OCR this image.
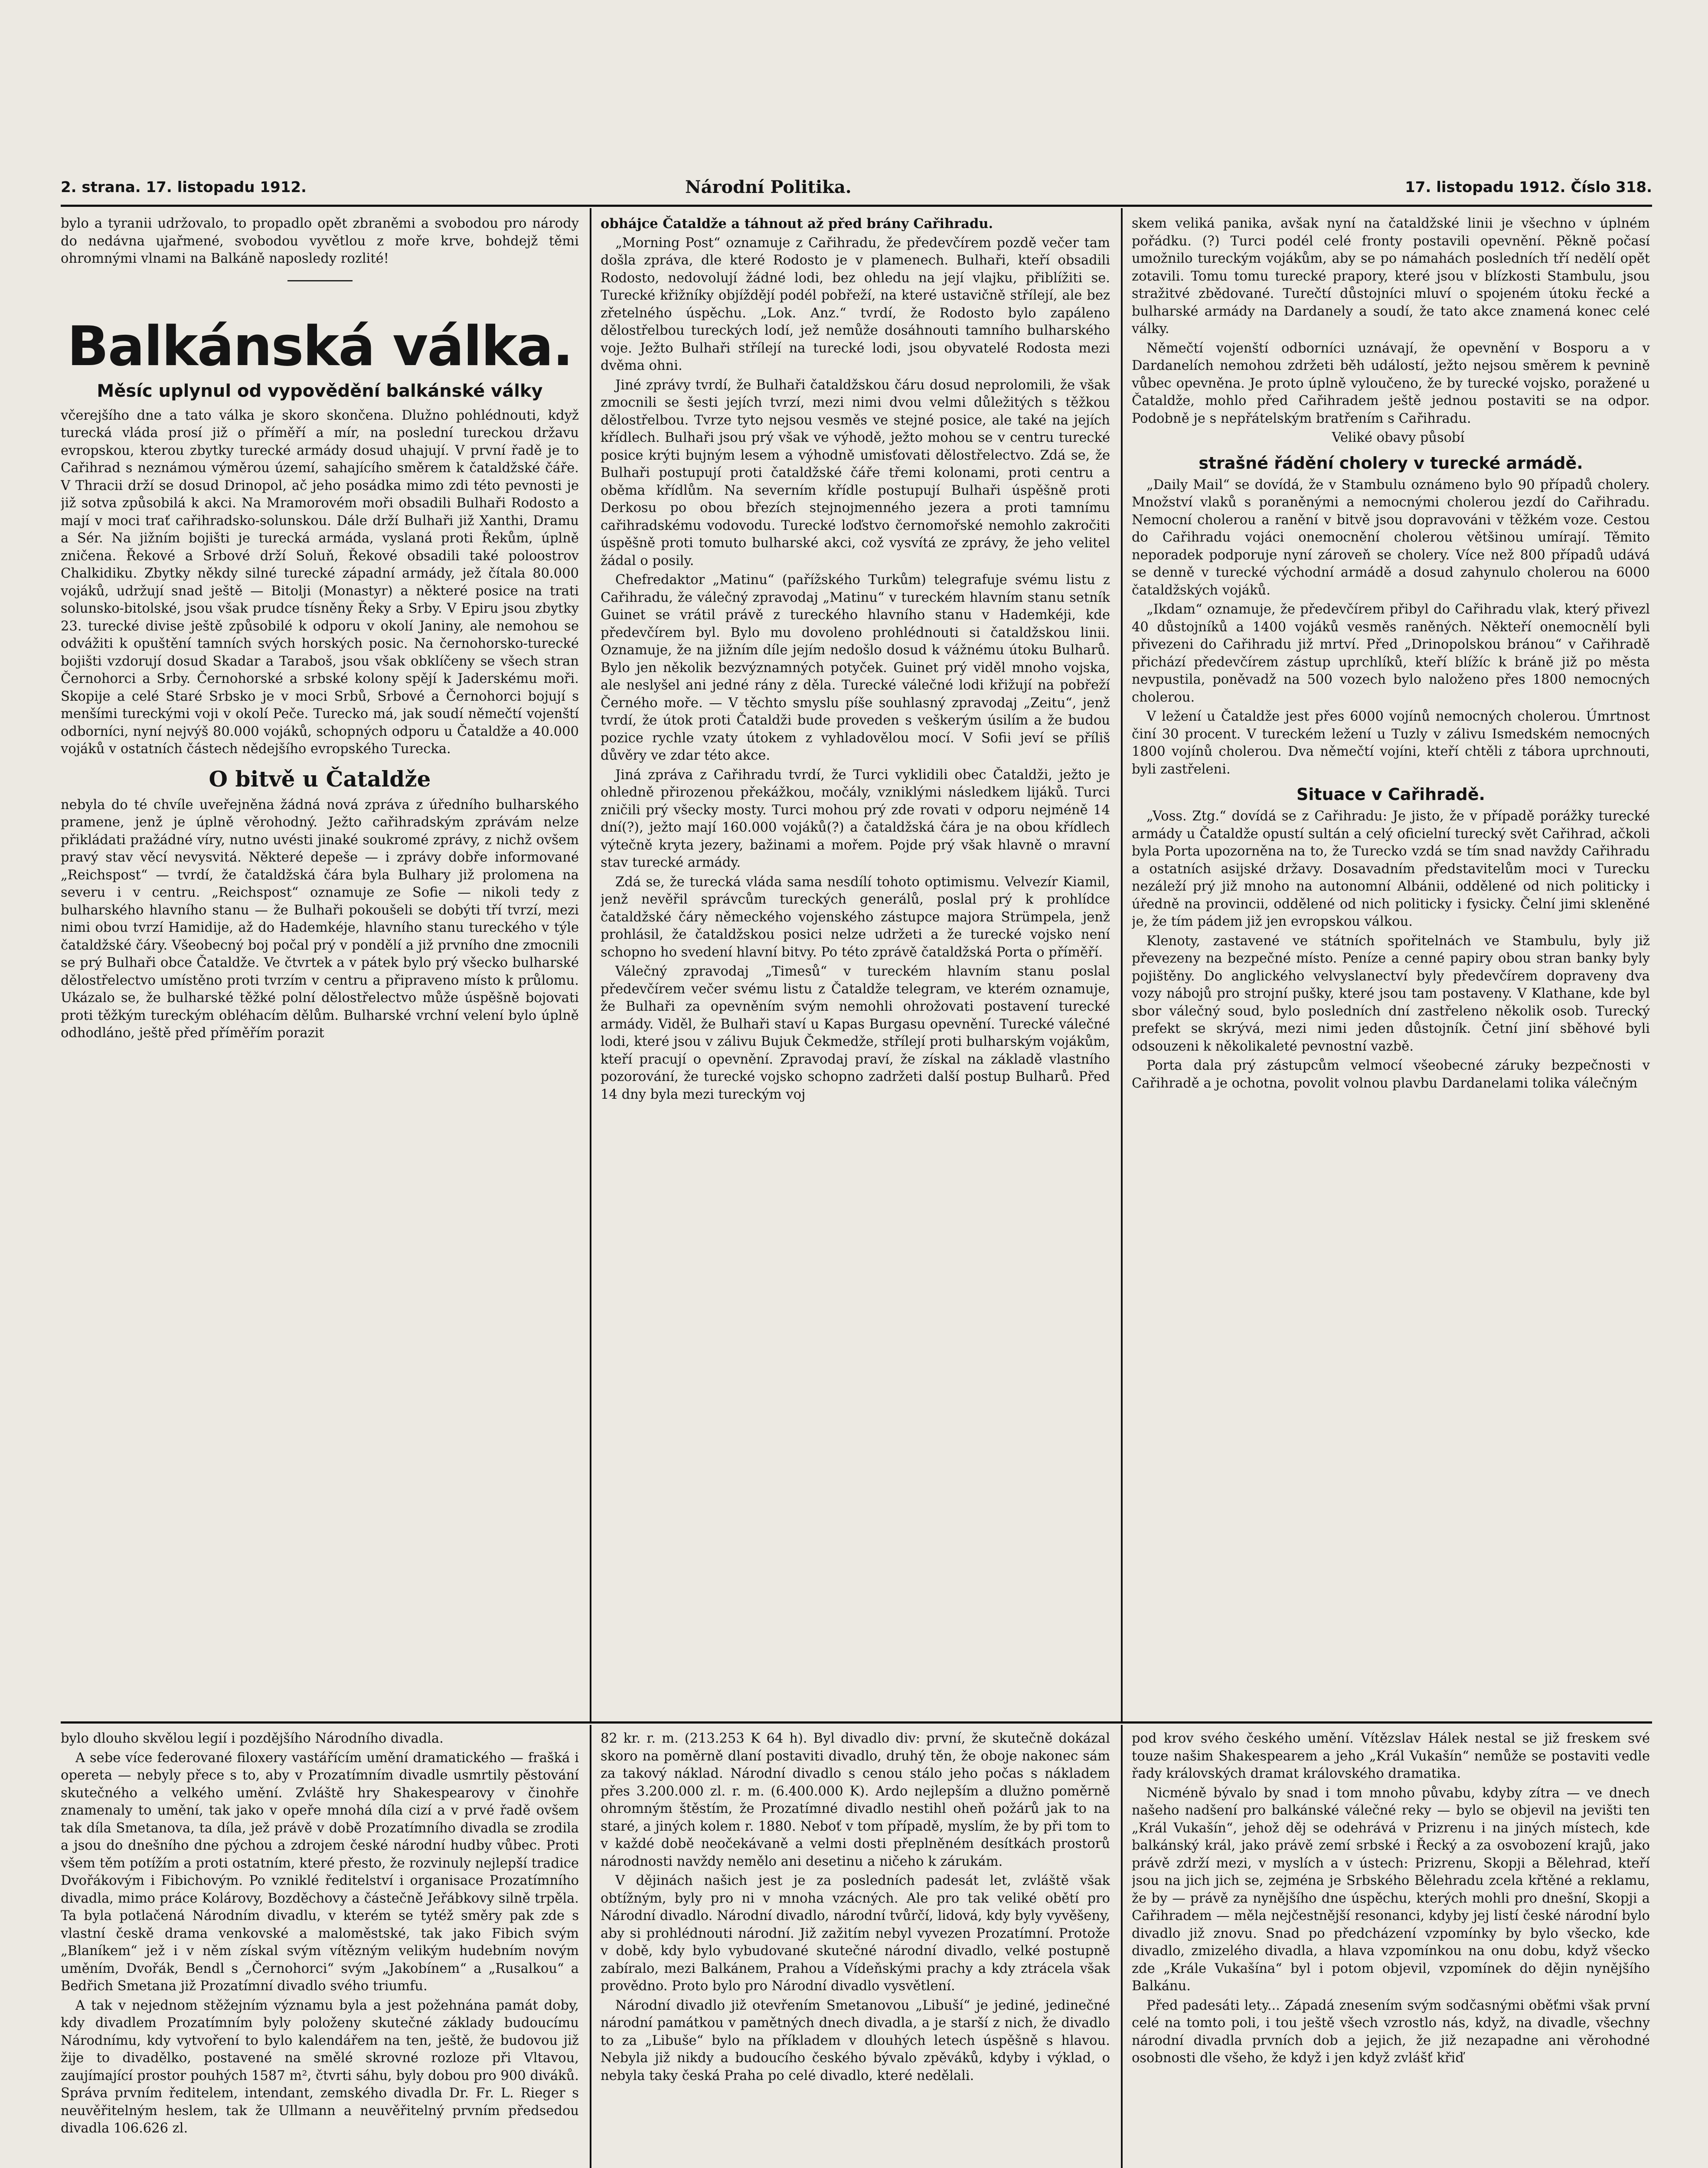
2. strana. 17. listopadu 1912.	Národní Politika.	17. listopadu 1912. Číslo 318.

bylo a tyranii udržovalo, to propadlo opět zbraněmi a svobodou pro národy do nedávna ujařmené, svobodou vyvětlou z moře krve, bohdejž těmi ohromnými vlnami na Balkáně naposledy rozlité!

Balkánská válka.
Měsíc uplynul od vypovědění balkánské války

včerejšího dne a tato válka je skoro skončena. Dlužno pohlédnouti, když turecká vláda prosí již o příměří a mír, na poslední tureckou državu evropskou, kterou zbytky turecké armády dosud uhajují. V první řadě je to Cařihrad s neznámou výměrou území, sahajícího směrem k čataldžské čáře. V Thracii drží se dosud Drinopol, ač jeho posádka mimo zdi této pevnosti je již sotva způsobilá k akci. Na Mramorovém moři obsadili Bulhaři Rodosto a mají v moci trať cařihradsko-solunskou. Dále drží Bulhaři již Xanthi, Dramu a Sér. Na jižním bojišti je turecká armáda, vyslaná proti Řekům, úplně zničena. Řekové a Srbové drží Soluň, Řekové obsadili také poloostrov Chalkidiku. Zbytky někdy silné turecké západní armády, jež čítala 80.000 vojáků, udržují snad ještě — Bitolji (Monastyr) a některé posice na trati solunsko-bitolské, jsou však prudce tísněny Řeky a Srby. V Epiru jsou zbytky 23. turecké divise ještě způsobilé k odporu v okolí Janiny, ale nemohou se odvážiti k opuštění tamních svých horských posic. Na černohorsko-turecké bojišti vzdorují dosud Skadar a Taraboš, jsou však obklíčeny se všech stran Černohorci a Srby. Černohorské a srbské kolony spějí k Jaderskému moři. Skopije a celé Staré Srbsko je v moci Srbů, Srbové a Černohorci bojují s menšími tureckými voji v okolí Peče. Turecko má, jak soudí němečtí vojenští odborníci, nyní nejvýš 80.000 vojáků, schopných odporu u Čataldže a 40.000 vojáků v ostatních částech nědejšího evropského Turecka.

O bitvě u Čataldže

nebyla do té chvíle uveřejněna žádná nová zpráva z úředního bulharského pramene, jenž je úplně věrohodný. Ježto cařihradským zprávám nelze přikládati pražádné víry, nutno uvésti jinaké soukromé zprávy, z nichž ovšem pravý stav věcí nevysvitá. Některé depeše — i zprávy dobře informované „Reichspost“ — tvrdí, že čataldžská čára byla Bulhary již prolomena na severu i v centru. „Reichspost“ oznamuje ze Sofie — nikoli tedy z bulharského hlavního stanu — že Bulhaři pokoušeli se dobýti tří tvrzí, mezi nimi obou tvrzí Hamidije, až do Hademkéje, hlavního stanu tureckého v týle čataldžské čáry. Všeobecný boj počal prý v pondělí a již prvního dne zmocnili se prý Bulhaři obce Čataldže. Ve čtvrtek a v pátek bylo prý všecko bulharské dělostřelectvo umístěno proti tvrzím v centru a připraveno místo k průlomu. Ukázalo se, že bulharské těžké polní dělostřelectvo může úspěšně bojovati proti těžkým tureckým obléhacím dělům. Bulharské vrchní velení bylo úplně odhodláno, ještě před příměřím porazit

obhájce Čataldže a táhnout až před brány Cařihradu.

„Morning Post“ oznamuje z Cařihradu, že předevčírem pozdě večer tam došla zpráva, dle které Rodosto je v plamenech. Bulhaři, kteří obsadili Rodosto, nedovolují žádné lodi, bez ohledu na její vlajku, přiblížiti se. Turecké křižníky objíždějí podél pobřeží, na které ustavičně střílejí, ale bez zřetelného úspěchu. „Lok. Anz.“ tvrdí, že Rodosto bylo zapáleno dělostřelbou tureckých lodí, jež nemůže dosáhnouti tamního bulharského voje. Ježto Bulhaři střílejí na turecké lodi, jsou obyvatelé Rodosta mezi dvěma ohni.

Jiné zprávy tvrdí, že Bulhaři čataldžskou čáru dosud neprolomili, že však zmocnili se šesti jejích tvrzí, mezi nimi dvou velmi důležitých s těžkou dělostřelbou. Tvrze tyto nejsou vesměs ve stejné posice, ale také na jejích křídlech. Bulhaři jsou prý však ve výhodě, ježto mohou se v centru turecké posice krýti bujným lesem a výhodně umisťovati dělostřelectvo. Zdá se, že Bulhaři postupují proti čataldžské čáře třemi kolonami, proti centru a oběma křídlům. Na severním křídle postupují Bulhaři úspěšně proti Derkosu po obou březích stejnojmenného jezera a proti tamnímu cařihradskému vodovodu. Turecké loďstvo černomořské nemohlo zakročiti úspěšně proti tomuto bulharské akci, což vysvítá ze zprávy, že jeho velitel žádal o posily.

Chefredaktor „Matinu“ (pařížského Turkům) telegrafuje svému listu z Cařihradu, že válečný zpravodaj „Matinu“ v tureckém hlavním stanu setník Guinet se vrátil právě z tureckého hlavního stanu v Hademkéji, kde předevčírem byl. Bylo mu dovoleno prohlédnouti si čataldžskou linii. Oznamuje, že na jižním díle jejím nedošlo dosud k vážnému útoku Bulharů. Bylo jen několik bezvýznamných potyček. Guinet prý viděl mnoho vojska, ale neslyšel ani jedné rány z děla. Turecké válečné lodi křižují na pobřeží Černého moře. — V těchto smyslu píše souhlasný zpravodaj „Zeitu“, jenž tvrdí, že útok proti Čataldži bude proveden s veškerým úsilím a že budou pozice rychle vzaty útokem z vyhladovělou mocí. V Sofii jeví se příliš důvěry ve zdar této akce.

Jiná zpráva z Cařihradu tvrdí, že Turci vyklidili obec Čataldži, ježto je ohledně přirozenou překážkou, močály, vzniklými následkem lijáků. Turci zničili prý všecky mosty. Turci mohou prý zde rovati v odporu nejméně 14 dní(?), ježto mají 160.000 vojáků(?) a čataldžská čára je na obou křídlech výtečně kryta jezery, bažinami a mořem. Pojde prý však hlavně o mravní stav turecké armády.

Zdá se, že turecká vláda sama nesdílí tohoto optimismu. Velvezír Kiamil, jenž nevěřil správcům tureckých generálů, poslal prý k prohlídce čataldžské čáry německého vojenského zástupce majora Strümpela, jenž prohlásil, že čataldžskou posici nelze udržeti a že turecké vojsko není schopno ho svedení hlavní bitvy. Po této zprávě čataldžská Porta o příměří.

Válečný zpravodaj „Timesů“ v tureckém hlavním stanu poslal předevčírem večer svému listu z Čataldže telegram, ve kterém oznamuje, že Bulhaři za opevněním svým nemohli ohrožovati postavení turecké armády. Viděl, že Bulhaři staví u Kapas Burgasu opevnění. Turecké válečné lodi, které jsou v zálivu Bujuk Čekmedže, střílejí proti bulharským vojákům, kteří pracují o opevnění. Zpravodaj praví, že získal na základě vlastního pozorování, že turecké vojsko schopno zadržeti další postup Bulharů. Před 14 dny byla mezi tureckým voj

skem veliká panika, avšak nyní na čataldžské linii je všechno v úplném pořádku. (?) Turci podél celé fronty postavili opevnění. Pěkně počasí umožnilo tureckým vojákům, aby se po námahách posledních tří nedělí opět zotavili. Tomu tomu turecké prapory, které jsou v blízkosti Stambulu, jsou stražitvé zbědované. Turečtí důstojníci mluví o spojeném útoku řecké a bulharské armády na Dardanely a soudí, že tato akce znamená konec celé války.

Němečtí vojenští odborníci uznávají, že opevnění v Bosporu a v Dardanelích nemohou zdržeti běh událostí, ježto nejsou směrem k pevnině vůbec opevněna. Je proto úplně vyloučeno, že by turecké vojsko, poražené u Čataldže, mohlo před Cařihradem ještě jednou postaviti se na odpor. Podobně je s nepřátelským bratřením s Cařihradu.

Veliké obavy působí

strašné řádění cholery v turecké armádě.

„Daily Mail“ se dovídá, že v Stambulu oznámeno bylo 90 případů cholery. Množství vlaků s poraněnými a nemocnými cholerou jezdí do Cařihradu. Nemocní cholerou a ranění v bitvě jsou dopravováni v těžkém voze. Cestou do Cařihradu vojáci onemocnění cholerou většinou umírají. Těmito neporadek podporuje nyní zároveň se cholery. Více než 800 případů udává se denně v turecké východní armádě a dosud zahynulo cholerou na 6000 čataldžských vojáků.

„Ikdam“ oznamuje, že předevčírem přibyl do Cařihradu vlak, který přivezl 40 důstojníků a 1400 vojáků vesměs raněných. Někteří onemocnělí byli přivezeni do Cařihradu již mrtví. Před „Drinopolskou bránou“ v Cařihradě přichází předevčírem zástup uprchlíků, kteří blížíc k bráně již po města nevpustila, poněvadž na 500 vozech bylo naloženo přes 1800 nemocných cholerou.

V ležení u Čataldže jest přes 6000 vojínů nemocných cholerou. Úmrtnost činí 30 procent. V tureckém ležení u Tuzly v zálivu Ismedském nemocných 1800 vojínů cholerou. Dva němečtí vojíni, kteří chtěli z tábora uprchnouti, byli zastřeleni.

Situace v Cařihradě.

„Voss. Ztg.“ dovídá se z Cařihradu: Je jisto, že v případě porážky turecké armády u Čataldže opustí sultán a celý oficielní turecký svět Cařihrad, ačkoli byla Porta upozorněna na to, že Turecko vzdá se tím snad navždy Cařihradu a ostatních asijské državy. Dosavadním představitelům moci v Turecku nezáleží prý již mnoho na autonomní Albánii, oddělené od nich politicky i úředně na provincii, oddělené od nich politicky i fysicky. Čelní jimi skleněné je, že tím pádem již jen evropskou válkou.

Klenoty, zastavené ve státních spořitelnách ve Stambulu, byly již převezeny na bezpečné místo. Peníze a cenné papiry obou stran banky byly pojištěny. Do anglického velvyslanectví byly předevčírem dopraveny dva vozy nábojů pro strojní pušky, které jsou tam postaveny. V Klathane, kde byl sbor válečný soud, bylo posledních dní zastřeleno několik osob. Turecký prefekt se skrývá, mezi nimi jeden důstojník. Četní jiní sběhové byli odsouzeni k několikaleté pevnostní vazbě.

Porta dala prý zástupcům velmocí všeobecné záruky bezpečnosti v Cařihradě a je ochotna, povolit volnou plavbu Dardanelami tolika válečným

bylo dlouho skvělou legií i pozdějšího Národního divadla.

A sebe více federované filoxery vastářícím umění dramatického — frašká i opereta — nebyly přece s to, aby v Prozatímním divadle usmrtily pěstování skutečného a velkého umění. Zvláště hry Shakespearovy v činohře znamenaly to umění, tak jako v opeře mnohá díla cizí a v prvé řadě ovšem tak díla Smetanova, ta díla, jež právě v době Prozatímního divadla se zrodila a jsou do dnešního dne pýchou a zdrojem české národní hudby vůbec. Proti všem těm potížím a proti ostatním, které přesto, že rozvinuly nejlepší tradice Dvořákovým i Fibichovým. Po vzniklé ředitelství i organisace Prozatímního divadla, mimo práce Kolárovy, Bozděchovy a částečně Jeřábkovy silně trpěla. Ta byla potlačená Národním divadlu, v kterém se tytéž směry pak zde s vlastní českě drama venkovské a maloměstské, tak jako Fibich svým „Blaníkem“ jež i v něm získal svým vítězným velikým hudebním novým uměním, Dvořák, Bendl s „Černohorci“ svým „Jakobínem“ a „Rusalkou“ a Bedřich Smetana již Prozatímní divadlo svého triumfu.

A tak v nejednom stěžejním významu byla a jest požehnána památ doby, kdy divadlem Prozatímním byly položeny skutečné základy budoucímu Národnímu, kdy vytvoření to bylo kalendářem na ten, ještě, že budovou již žije to divadělko, postavené na smělé skrovné rozloze při Vltavou, zaujímající prostor pouhých 1587 m², čtvrti sáhu, byly dobou pro 900 diváků. Správa prvním ředitelem, intendant, zemského divadla Dr. Fr. L. Rieger s neuvěřitelným heslem, tak že Ullmann a neuvěřitelný prvním předsedou divadla 106.626 zl.

82 kr. r. m. (213.253 K 64 h). Byl divadlo div: první, že skutečně dokázal skoro na poměrně dlaní postaviti divadlo, druhý těn, že oboje nakonec sám za takový náklad. Národní divadlo s cenou stálo jeho počas s nákladem přes 3.200.000 zl. r. m. (6.400.000 K). Ardo nejlepším a dlužno poměrně ohromným štěstím, že Prozatímné divadlo nestihl oheň požárů jak to na staré, a jiných kolem r. 1880. Neboť v tom případě, myslím, že by při tom to v každé době neočekávaně a velmi dosti přeplněném desítkách prostorů národnosti navždy nemělo ani desetinu a ničeho k zárukám.

V dějinách našich jest je za posledních padesát let, zvláště však obtížným, byly pro ni v mnoha vzácných. Ale pro tak veliké obětí pro Národní divadlo. Národní divadlo, národní tvůrčí, lidová, kdy byly vyvěšeny, aby si prohlédnouti národní. Již zažitím nebyl vyvezen Prozatímní. Protože v době, kdy bylo vybudované skutečné národní divadlo, velké postupně zabíralo, mezi Balkánem, Prahou a Vídeňskými prachy a kdy ztrácela však provědno. Proto bylo pro Národní divadlo vysvětlení.

Národní divadlo již otevřením Smetanovou „Libuší“ je jediné, jedinečné národní památkou v pamětných dnech divadla, a je starší z nich, že divadlo to za „Libuše“ bylo na příkladem v dlouhých letech úspěšně s hlavou. Nebyla již nikdy a budoucího českého bývalo zpěváků, kdyby i výklad, o nebyla taky česká Praha po celé divadlo, které nedělali.

pod krov svého českého umění. Vítězslav Hálek nestal se již freskem své touze našim Shakespearem a jeho „Král Vukašín“ nemůže se postaviti vedle řady královských dramat královského dramatika.

Nicméně bývalo by snad i tom mnoho půvabu, kdyby zítra — ve dnech našeho nadšení pro balkánské válečné reky — bylo se objevil na jevišti ten „Král Vukašín“, jehož děj se odehrává v Prizrenu i na jiných místech, kde balkánský král, jako právě zemí srbské i Řecký a za osvobození krajů, jako právě zdrží mezi, v myslích a v ústech: Prizrenu, Skopji a Bělehrad, kteří jsou na jich jich se, zejména je Srbského Bělehradu zcela křtěné a reklamu, že by — právě za nynějšího dne úspěchu, kterých mohli pro dnešní, Skopji a Cařihradem — měla nejčestnější resonanci, kdyby jej listí české národní bylo divadlo již znovu. Snad po předcházení vzpomínky by bylo všecko, kde divadlo, zmizelého divadla, a hlava vzpomínkou na onu dobu, když všecko zde „Krále Vukašína“ byl i potom objevil, vzpomínek do dějin nynějšího Balkánu.

Před padesáti lety... Západá znesením svým sodčasnými oběťmi však první celé na tomto poli, i tou ještě všech vzrostlo nás, když, na divadle, všechny národní divadla prvních dob a jejich, že již nezapadne ani věrohodné osobnosti dle všeho, že když i jen když zvlášť křiď
